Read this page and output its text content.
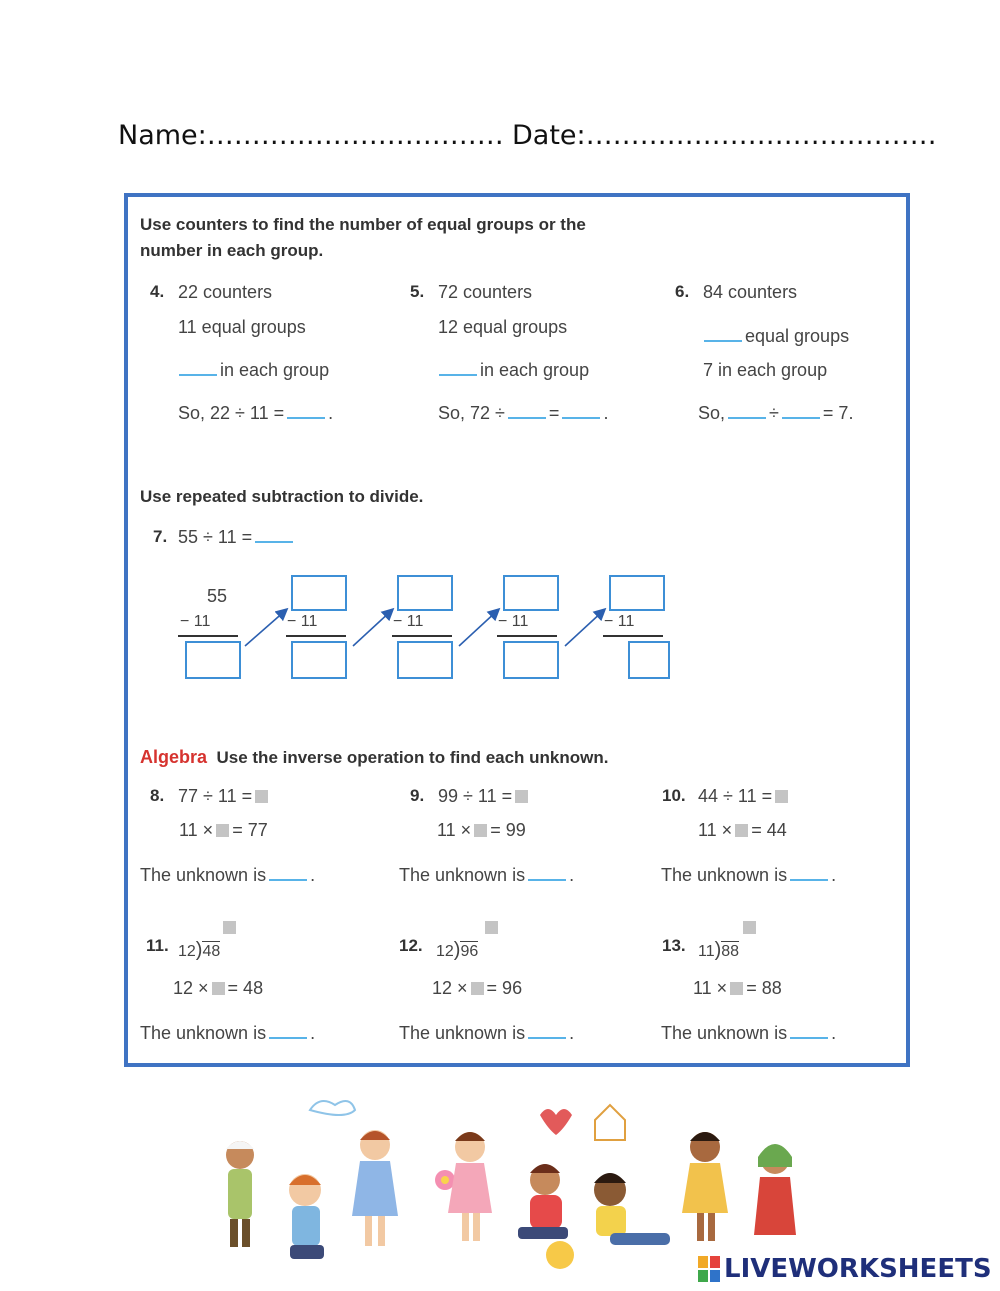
Name:…………………………… Date:…………………………………
Use counters to find the number of equal groups or the
number in each group.
4. 22 counters
11 equal groups
in each group
So, 22 ÷ 11 = .
5. 72 counters
12 equal groups
in each group
So, 72 ÷ = .
6. 84 counters
equal groups
7 in each group
So, ÷ = 7.
Use repeated subtraction to divide.
7. 55 ÷ 11 =
55
− 11	− 11	− 11	− 11	− 11
Algebra Use the inverse operation to find each unknown.
8. 77 ÷ 11 =
11 × = 77
The unknown is .
9. 99 ÷ 11 =
11 × = 99
The unknown is .
10. 44 ÷ 11 =
11 × = 44
The unknown is .
11. 12)48
12 × = 48
The unknown is .
12. 12)96
12 × = 96
The unknown is .
13. 11)88
11 × = 88
The unknown is .
LIVEWORKSHEETS
